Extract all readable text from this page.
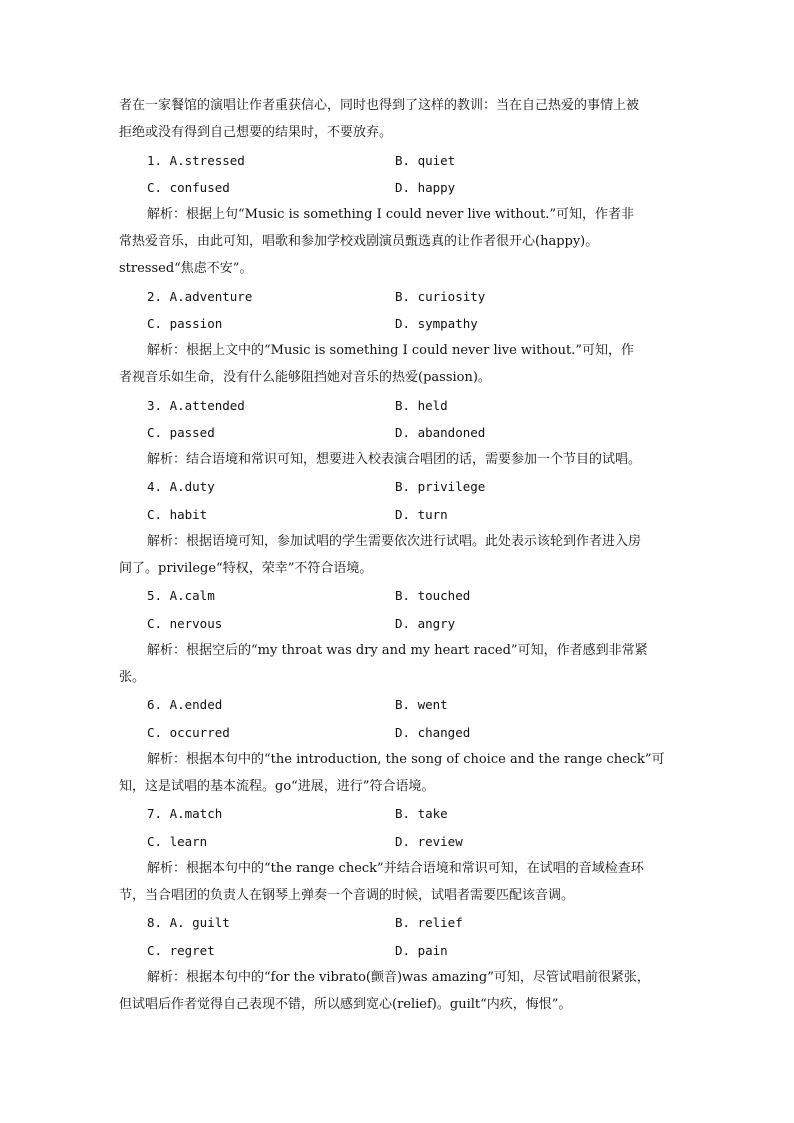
者在一家餐馆的演唱让作者重获信心，同时也得到了这样的教训：当在自己热爱的事情上被
拒绝或没有得到自己想要的结果时，不要放弃。
1. A.stressed	B. quiet
C. confused	D. happy
解析：根据上句“Music is something I could never live without.”可知，作者非
常热爱音乐，由此可知，唱歌和参加学校戏剧演员甄选真的让作者很开心(happy)。
stressed“焦虑不安”。
2. A.adventure	B. curiosity
C. passion	D. sympathy
解析：根据上文中的“Music is something I could never live without.”可知，作
者视音乐如生命，没有什么能够阻挡她对音乐的热爱(passion)。
3. A.attended	B. held
C. passed	D. abandoned
解析：结合语境和常识可知，想要进入校表演合唱团的话，需要参加一个节目的试唱。
4. A.duty	B. privilege
C. habit	D. turn
解析：根据语境可知，参加试唱的学生需要依次进行试唱。此处表示该轮到作者进入房
间了。privilege“特权，荣幸”不符合语境。
5. A.calm	B. touched
C. nervous	D. angry
解析：根据空后的“my throat was dry and my heart raced”可知，作者感到非常紧
张。
6. A.ended	B. went
C. occurred	D. changed
解析：根据本句中的“the introduction, the song of choice and the range check”可
知，这是试唱的基本流程。go“进展，进行”符合语境。
7. A.match	B. take
C. learn	D. review
解析：根据本句中的“the range check”并结合语境和常识可知，在试唱的音域检查环
节，当合唱团的负责人在钢琴上弹奏一个音调的时候，试唱者需要匹配该音调。
8. A. guilt	B. relief
C. regret	D. pain
解析：根据本句中的“for the vibrato(颤音)was amazing”可知，尽管试唱前很紧张，
但试唱后作者觉得自己表现不错，所以感到宽心(relief)。guilt“内疚，悔恨”。
